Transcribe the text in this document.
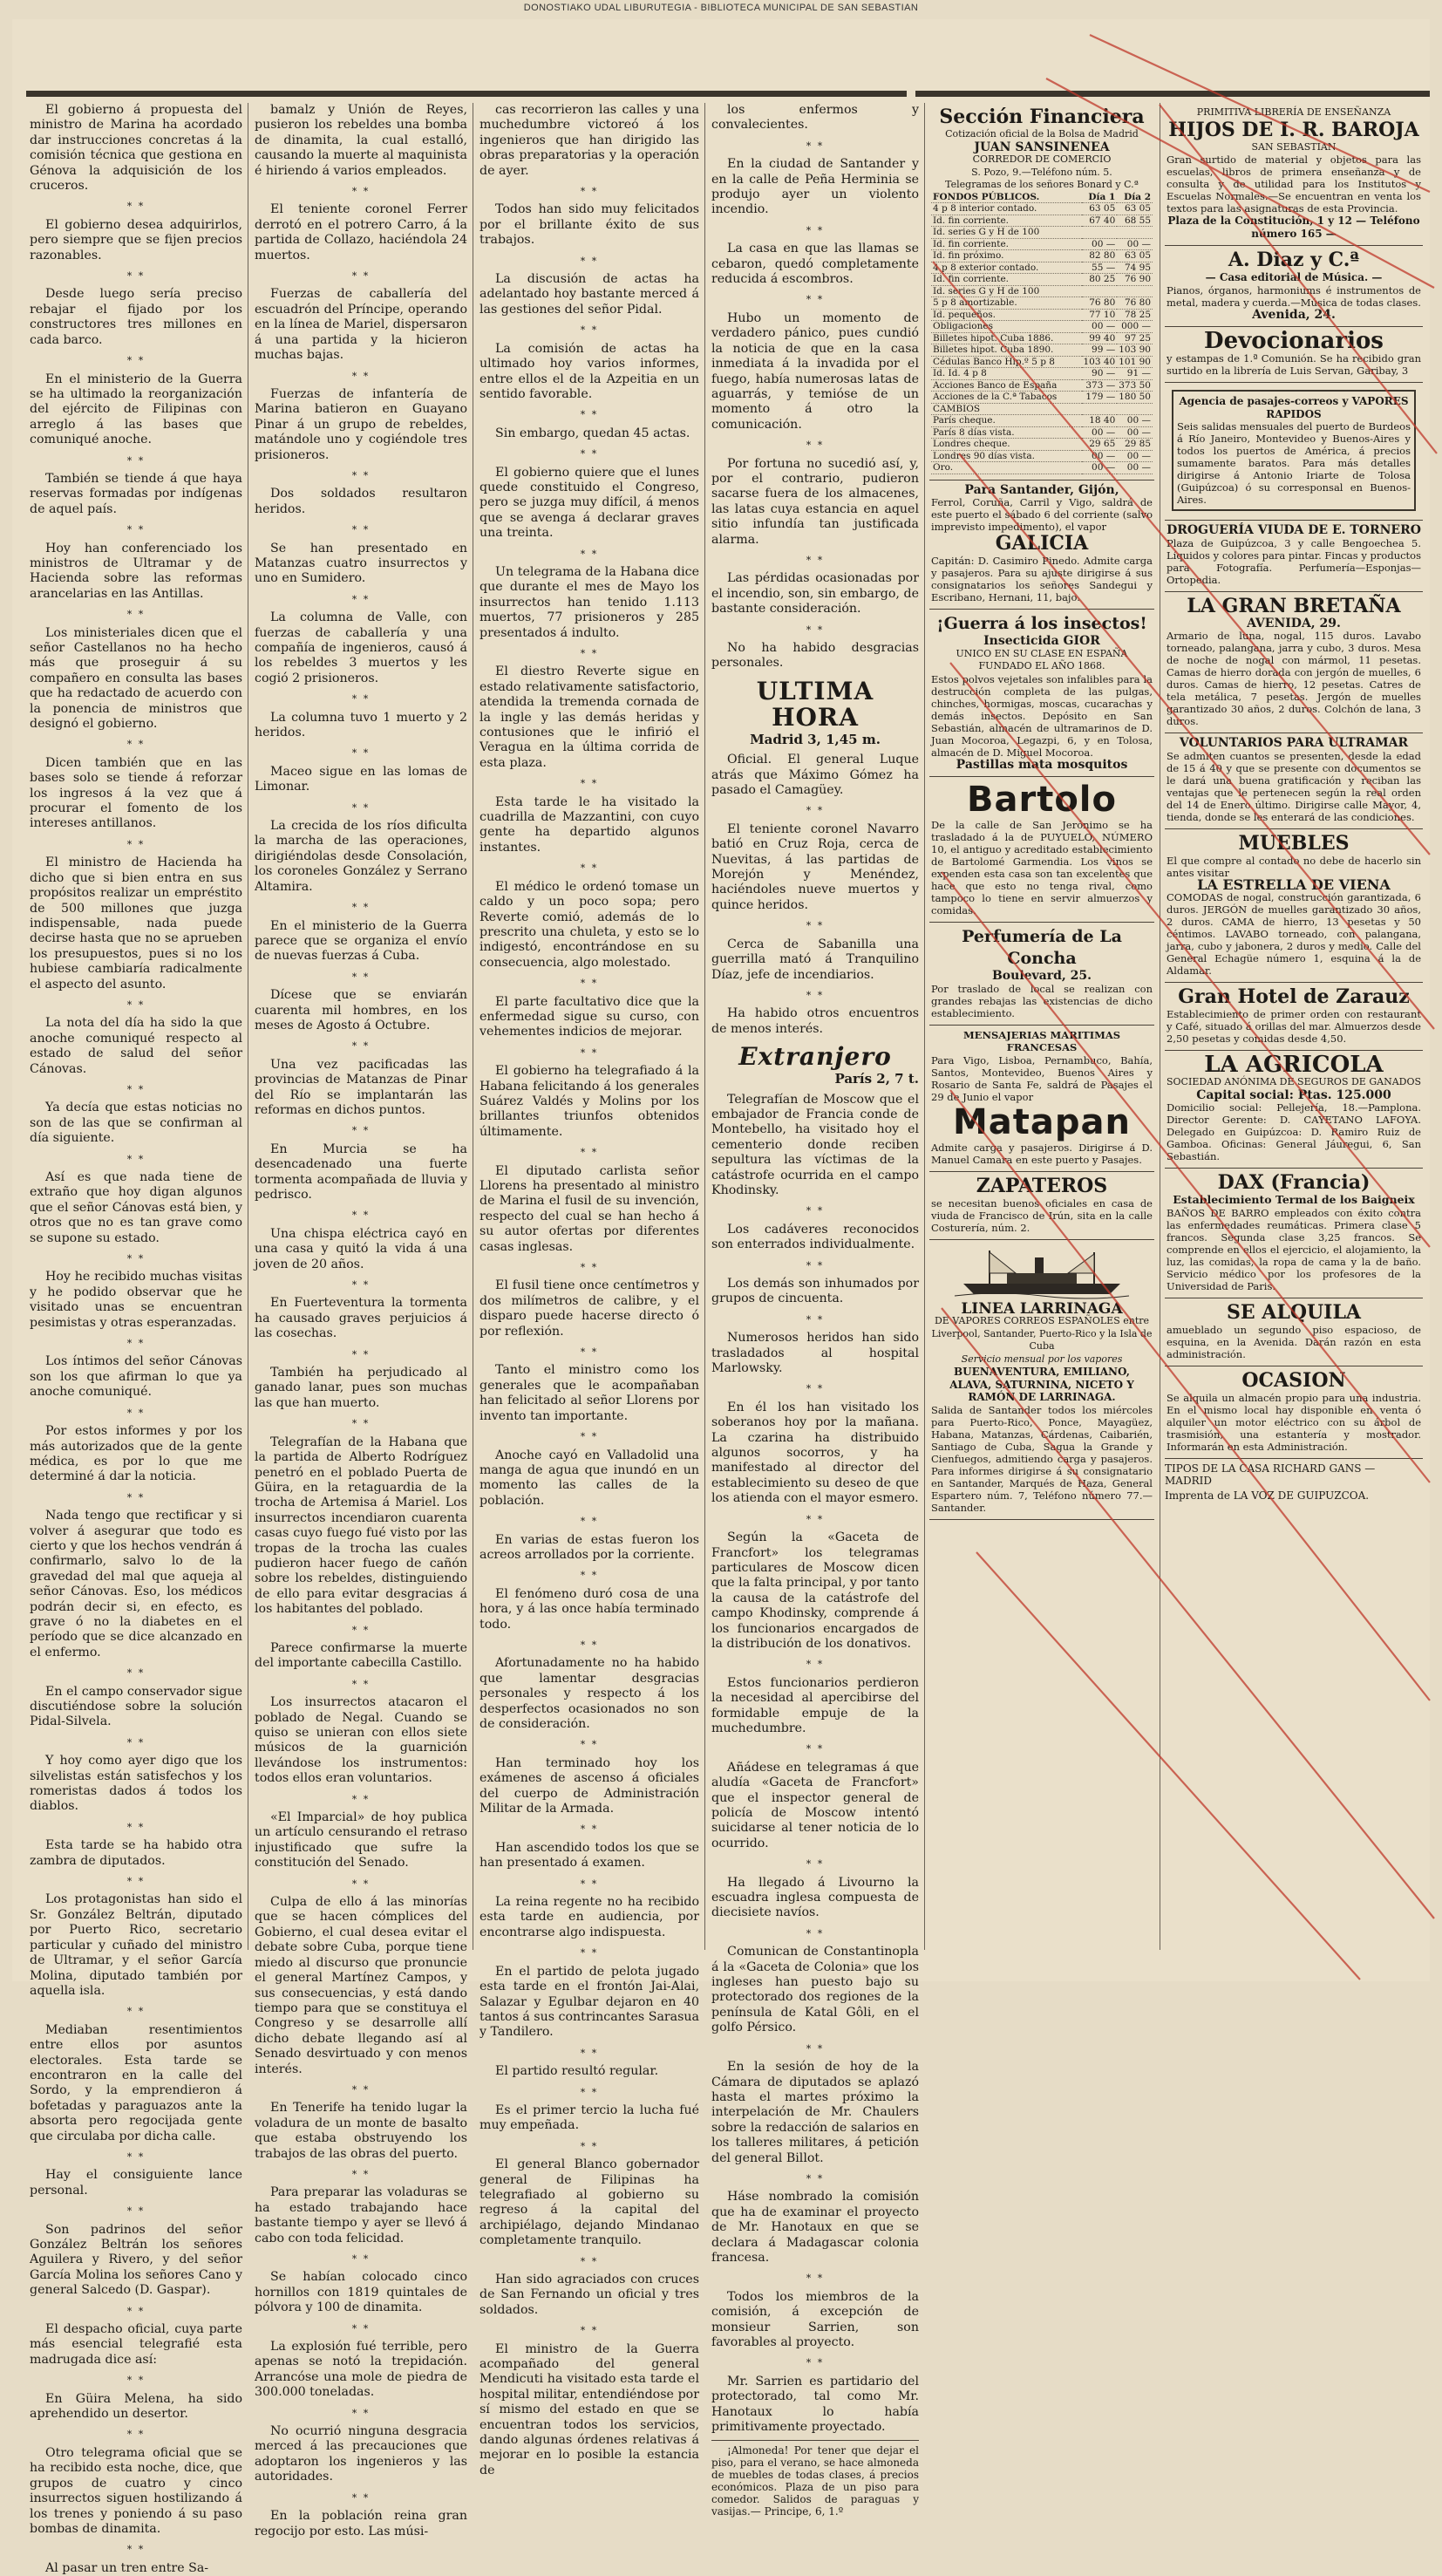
DONOSTIAKO UDAL LIBURUTEGIA - BIBLIOTECA MUNICIPAL DE SAN SEBASTIAN

El gobierno á propuesta del ministro de Marina ha acordado dar instrucciones concretas á la comisión técnica que gestiona en Génova la adquisición de los cruceros.

* *

El gobierno desea adquirirlos, pero siempre que se fijen precios razonables.

* *

Desde luego sería preciso rebajar el fijado por los constructores tres millones en cada barco.

* *

En el ministerio de la Guerra se ha ultimado la reorganización del ejército de Filipinas con arreglo á las bases que comuniqué anoche.

* *

También se tiende á que haya reservas formadas por indígenas de aquel país.

* *

Hoy han conferenciado los ministros de Ultramar y de Hacienda sobre las reformas arancelarias en las Antillas.

* *

Los ministeriales dicen que el señor Castellanos no ha hecho más que proseguir á su compañero en consulta las bases que ha redactado de acuerdo con la ponencia de ministros que designó el gobierno.

* *

Dicen también que en las bases solo se tiende á reforzar los ingresos á la vez que á procurar el fomento de los intereses antillanos.

* *

El ministro de Hacienda ha dicho que si bien entra en sus propósitos realizar un empréstito de 500 millones que juzga indispensable, nada puede decirse hasta que no se aprueben los presupuestos, pues si no los hubiese cambiaría radicalmente el aspecto del asunto.

* *

La nota del día ha sido la que anoche comuniqué respecto al estado de salud del señor Cánovas.

* *

Ya decía que estas noticias no son de las que se confirman al día siguiente.

* *

Así es que nada tiene de extraño que hoy digan algunos que el señor Cánovas está bien, y otros que no es tan grave como se supone su estado.

* *

Hoy he recibido muchas visitas y he podido observar que he visitado unas se encuentran pesimistas y otras esperanzadas.

* *

Los íntimos del señor Cánovas son los que afirman lo que ya anoche comuniqué.

* *

Por estos informes y por los más autorizados que de la gente médica, es por lo que me determiné á dar la noticia.

* *

Nada tengo que rectificar y si volver á asegurar que todo es cierto y que los hechos vendrán á confirmarlo, salvo lo de la gravedad del mal que aqueja al señor Cánovas. Eso, los médicos podrán decir si, en efecto, es grave ó no la diabetes en el período que se dice alcanzado en el enfermo.

* *

En el campo conservador sigue discutiéndose sobre la solución Pidal-Silvela.

* *

Y hoy como ayer digo que los silvelistas están satisfechos y los romeristas dados á todos los diablos.

* *

Esta tarde se ha habido otra zambra de diputados.

* *

Los protagonistas han sido el Sr. González Beltrán, diputado por Puerto Rico, secretario particular y cuñado del ministro de Ultramar, y el señor García Molina, diputado también por aquella isla.

* *

Mediaban resentimientos entre ellos por asuntos electorales. Esta tarde se encontraron en la calle del Sordo, y la emprendieron á bofetadas y paraguazos ante la absorta pero regocijada gente que circulaba por dicha calle.

* *

Hay el consiguiente lance personal.

* *

Son padrinos del señor González Beltrán los señores Aguilera y Rivero, y del señor García Molina los señores Cano y general Salcedo (D. Gaspar).

* *

El despacho oficial, cuya parte más esencial telegrafié esta madrugada dice así:

* *

En Güira Melena, ha sido aprehendido un desertor.

* *

Otro telegrama oficial que se ha recibido esta noche, dice, que grupos de cuatro y cinco insurrectos siguen hostilizando á los trenes y poniendo á su paso bombas de dinamita.

* *

Al pasar un tren entre Sa-

bamalz y Unión de Reyes, pusieron los rebeldes una bomba de dinamita, la cual estalló, causando la muerte al maquinista é hiriendo á varios empleados.

* *

El teniente coronel Ferrer derrotó en el potrero Carro, á la partida de Collazo, haciéndola 24 muertos.

* *

Fuerzas de caballería del escuadrón del Príncipe, operando en la línea de Mariel, dispersaron á una partida y la hicieron muchas bajas.

* *

Fuerzas de infantería de Marina batieron en Guayano Pinar á un grupo de rebeldes, matándole uno y cogiéndole tres prisioneros.

* *

Dos soldados resultaron heridos.

* *

Se han presentado en Matanzas cuatro insurrectos y uno en Sumidero.

* *

La columna de Valle, con fuerzas de caballería y una compañía de ingenieros, causó á los rebeldes 3 muertos y les cogió 2 prisioneros.

* *

La columna tuvo 1 muerto y 2 heridos.

* *

Maceo sigue en las lomas de Limonar.

* *

La crecida de los ríos dificulta la marcha de las operaciones, dirigiéndolas desde Consolación, los coroneles González y Serrano Altamira.

* *

En el ministerio de la Guerra parece que se organiza el envío de nuevas fuerzas á Cuba.

* *

Dícese que se enviarán cuarenta mil hombres, en los meses de Agosto á Octubre.

* *

Una vez pacificadas las provincias de Matanzas de Pinar del Río se implantarán las reformas en dichos puntos.

* *

En Murcia se ha desencadenado una fuerte tormenta acompañada de lluvia y pedrisco.

* *

Una chispa eléctrica cayó en una casa y quitó la vida á una joven de 20 años.

* *

En Fuerteventura la tormenta ha causado graves perjuicios á las cosechas.

* *

También ha perjudicado al ganado lanar, pues son muchas las que han muerto.

* *

Telegrafían de la Habana que la partida de Alberto Rodríguez penetró en el poblado Puerta de Güira, en la retaguardia de la trocha de Artemisa á Mariel. Los insurrectos incendiaron cuarenta casas cuyo fuego fué visto por las tropas de la trocha las cuales pudieron hacer fuego de cañón sobre los rebeldes, distinguiendo de ello para evitar desgracias á los habitantes del poblado.

* *

Parece confirmarse la muerte del importante cabecilla Castillo.

* *

Los insurrectos atacaron el poblado de Negal. Cuando se quiso se unieran con ellos siete músicos de la guarnición llevándose los instrumentos: todos ellos eran voluntarios.

* *

«El Imparcial» de hoy publica un artículo censurando el retraso injustificado que sufre la constitución del Senado.

* *

Culpa de ello á las minorías que se hacen cómplices del Gobierno, el cual desea evitar el debate sobre Cuba, porque tiene miedo al discurso que pronuncie el general Martínez Campos, y sus consecuencias, y está dando tiempo para que se constituya el Congreso y se desarrolle allí dicho debate llegando así al Senado desvirtuado y con menos interés.

* *

En Tenerife ha tenido lugar la voladura de un monte de basalto que estaba obstruyendo los trabajos de las obras del puerto.

* *

Para preparar las voladuras se ha estado trabajando hace bastante tiempo y ayer se llevó á cabo con toda felicidad.

* *

Se habían colocado cinco hornillos con 1819 quintales de pólvora y 100 de dinamita.

* *

La explosión fué terrible, pero apenas se notó la trepidación. Arrancóse una mole de piedra de 300.000 toneladas.

* *

No ocurrió ninguna desgracia merced á las precauciones que adoptaron los ingenieros y las autoridades.

* *

En la población reina gran regocijo por esto. Las músi-

cas recorrieron las calles y una muchedumbre victoreó á los ingenieros que han dirigido las obras preparatorias y la operación de ayer.

* *

Todos han sido muy felicitados por el brillante éxito de sus trabajos.

* *

La discusión de actas ha adelantado hoy bastante merced á las gestiones del señor Pidal.

* *

La comisión de actas ha ultimado hoy varios informes, entre ellos el de la Azpeitia en un sentido favorable.

* *

Sin embargo, quedan 45 actas.

* *

El gobierno quiere que el lunes quede constituido el Congreso, pero se juzga muy difícil, á menos que se avenga á declarar graves una treinta.

* *

Un telegrama de la Habana dice que durante el mes de Mayo los insurrectos han tenido 1.113 muertos, 77 prisioneros y 285 presentados á indulto.

* *

El diestro Reverte sigue en estado relativamente satisfactorio, atendida la tremenda cornada de la ingle y las demás heridas y contusiones que le infirió el Veragua en la última corrida de esta plaza.

* *

Esta tarde le ha visitado la cuadrilla de Mazzantini, con cuyo gente ha departido algunos instantes.

* *

El médico le ordenó tomase un caldo y un poco sopa; pero Reverte comió, además de lo prescrito una chuleta, y esto se lo indigestó, encontrándose en su consecuencia, algo molestado.

* *

El parte facultativo dice que la enfermedad sigue su curso, con vehementes indicios de mejorar.

* *

El gobierno ha telegrafiado á la Habana felicitando á los generales Suárez Valdés y Molins por los brillantes triunfos obtenidos últimamente.

* *

El diputado carlista señor Llorens ha presentado al ministro de Marina el fusil de su invención, respecto del cual se han hecho á su autor ofertas por diferentes casas inglesas.

* *

El fusil tiene once centímetros y dos milímetros de calibre, y el disparo puede hacerse directo ó por reflexión.

* *

Tanto el ministro como los generales que le acompañaban han felicitado al señor Llorens por invento tan importante.

* *

Anoche cayó en Valladolid una manga de agua que inundó en un momento las calles de la población.

* *

En varias de estas fueron los acreos arrollados por la corriente.

* *

El fenómeno duró cosa de una hora, y á las once había terminado todo.

* *

Afortunadamente no ha habido que lamentar desgracias personales y respecto á los desperfectos ocasionados no son de consideración.

* *

Han terminado hoy los exámenes de ascenso á oficiales del cuerpo de Administración Militar de la Armada.

* *

Han ascendido todos los que se han presentado á examen.

* *

La reina regente no ha recibido esta tarde en audiencia, por encontrarse algo indispuesta.

* *

En el partido de pelota jugado esta tarde en el frontón Jai-Alai, Salazar y Egulbar dejaron en 40 tantos á sus contrincantes Sarasua y Tandilero.

* *

El partido resultó regular.

* *

Es el primer tercio la lucha fué muy empeñada.

* *

El general Blanco gobernador general de Filipinas ha telegrafiado al gobierno su regreso á la capital del archipiélago, dejando Mindanao completamente tranquilo.

* *

Han sido agraciados con cruces de San Fernando un oficial y tres soldados.

* *

El ministro de la Guerra acompañado del general Mendicuti ha visitado esta tarde el hospital militar, entendiéndose por sí mismo del estado en que se encuentran todos los servicios, dando algunas órdenes relativas á mejorar en lo posible la estancia de

los enfermos y convalecientes.

* *

En la ciudad de Santander y en la calle de Peña Herminia se produjo ayer un violento incendio.

* *

La casa en que las llamas se cebaron, quedó completamente reducida á escombros.

* *

Hubo un momento de verdadero pánico, pues cundió la noticia de que en la casa inmediata á la invadida por el fuego, había numerosas latas de aguarrás, y temióse de un momento á otro la comunicación.

* *

Por fortuna no sucedió así, y, por el contrario, pudieron sacarse fuera de los almacenes, las latas cuya estancia en aquel sitio infundía tan justificada alarma.

* *

Las pérdidas ocasionadas por el incendio, son, sin embargo, de bastante consideración.

* *

No ha habido desgracias personales.

ULTIMA HORA
Madrid 3, 1,45 m.

Oficial. El general Luque atrás que Máximo Gómez ha pasado el Camagüey.

* *

El teniente coronel Navarro batió en Cruz Roja, cerca de Nuevitas, á las partidas de Morejón y Menéndez, haciéndoles nueve muertos y quince heridos.

* *

Cerca de Sabanilla una guerrilla mató á Tranquilino Díaz, jefe de incendiarios.

* *

Ha habido otros encuentros de menos interés.

Extranjero
París 2, 7 t.

Telegrafían de Moscow que el embajador de Francia conde de Montebello, ha visitado hoy el cementerio donde reciben sepultura las víctimas de la catástrofe ocurrida en el campo Khodinsky.

* *

Los cadáveres reconocidos son enterrados individualmente.

* *

Los demás son inhumados por grupos de cincuenta.

* *

Numerosos heridos han sido trasladados al hospital Marlowsky.

* *

En él los han visitado los soberanos hoy por la mañana. La czarina ha distribuido algunos socorros, y ha manifestado al director del establecimiento su deseo de que los atienda con el mayor esmero.

* *

Según la «Gaceta de Francfort» los telegramas particulares de Moscow dicen que la falta principal, y por tanto la causa de la catástrofe del campo Khodinsky, comprende á los funcionarios encargados de la distribución de los donativos.

* *

Estos funcionarios perdieron la necesidad al apercibirse del formidable empuje de la muchedumbre.

* *

Añádese en telegramas á que aludía «Gaceta de Francfort» que el inspector general de policía de Moscow intentó suicidarse al tener noticia de lo ocurrido.

* *

Ha llegado á Livourno la escuadra inglesa compuesta de diecisiete navíos.

* *

Comunican de Constantinopla á la «Gaceta de Colonia» que los ingleses han puesto bajo su protectorado dos regiones de la península de Katal Gôli, en el golfo Pérsico.

* *

En la sesión de hoy de la Cámara de diputados se aplazó hasta el martes próximo la interpelación de Mr. Chaulers sobre la redacción de salarios en los talleres militares, á petición del general Billot.

* *

Háse nombrado la comisión que ha de examinar el proyecto de Mr. Hanotaux en que se declara á Madagascar colonia francesa.

* *

Todos los miembros de la comisión, á excepción de monsieur Sarrien, son favorables al proyecto.

* *

Mr. Sarrien es partidario del protectorado, tal como Mr. Hanotaux lo había primitivamente proyectado.

¡Almoneda! Por tener que dejar el piso, para el verano, se hace almoneda de muebles de todas clases, á precios económicos. Plaza de un piso para comedor. Salidos de paraguas y vasijas.— Principe, 6, 1.º

Sección Financiera
Cotización oficial de la Bolsa de Madrid
JUAN SANSINENEA
CORREDOR DE COMERCIO
S. Pozo, 9.—Teléfono núm. 5.
Telegramas de los señores Bonard y C.ª
FONDOS PÚBLICOS.	Día 1	Día 2
4 p 8 interior contado.	63 05	63 05
Id. fin corriente.	67 40	68 55
Id. series G y H de 100		
Id. fin corriente.	00 —	00 —
Id. fin próximo.	82 80	63 05
4 p 8 exterior contado.	55 —	74 95
Id. fin corriente.	80 25	76 90
Id. series G y H de 100		
5 p 8 amortizable.	76 80	76 80
Id. pequeños.	77 10	78 25
Obligaciones	00 —	000 —
Billetes hipot. Cuba 1886.	99 40	97 25
Billetes hipot. Cuba 1890.	99 —	103 90
Cédulas Banco Hip.º 5 p 8	103 40	101 90
Id. Id. 4 p 8	90 —	91 —
Acciones Banco de España	373 —	373 50
Acciones de la C.ª Tabacos	179 —	180 50
CAMBIOS		
París cheque.	18 40	00 —
París 8 días vista.	00 —	00 —
Londres cheque.	29 65	29 85
Londres 90 días vista.	00 —	00 —
Oro.	00 —	00 —
Para Santander, Gijón,
Ferrol, Coruña, Carril y Vigo, saldrá de este puerto el sábado 6 del corriente (salvo imprevisto impedimento), el vapor
GALICIA
Capitán: D. Casimiro Pinedo. Admite carga y pasajeros. Para su ajuste dirigirse á sus consignatarios los señores Sandegui y Escribano, Hernani, 11, bajo.
¡Guerra á los insectos!
Insecticida GIOR
UNICO EN SU CLASE EN ESPAÑA
FUNDADO EL AÑO 1868.
Estos polvos vejetales son infalibles para la destrucción completa de las pulgas, chinches, hormigas, moscas, cucarachas y demás insectos. Depósito en San Sebastián, almacén de ultramarinos de D. Juan Mocoroa, Legazpi, 6, y en Tolosa, almacén de D. Miguel Mocoroa.
Pastillas mata mosquitos
Bartolo
De la calle de San Jerónimo se ha trasladado á la de PUYUELO, NÚMERO 10, el antiguo y acreditado establecimiento de Bartolomé Garmendia. Los vinos se expenden esta casa son tan excelentes que hace que esto no tenga rival, como tampoco lo tiene en servir almuerzos y comidas.
Perfumería de La Concha
Boulevard, 25.
Por traslado de local se realizan con grandes rebajas las existencias de dicho establecimiento.
MENSAJERIAS MARITIMAS FRANCESAS
Para Vigo, Lisboa, Pernambuco, Bahía, Santos, Montevideo, Buenos Aires y Rosario de Santa Fe, saldrá de Pasajes el 29 de Junio el vapor
Matapan
Admite carga y pasajeros. Dirigirse á D. Manuel Camara en este puerto y Pasajes.
ZAPATEROS
se necesitan buenos oficiales en casa de viuda de Francisco de Irún, sita en la calle Costurería, núm. 2.
LINEA LARRINAGA
DE VAPORES CORREOS ESPAÑOLES entre Liverpool, Santander, Puerto-Rico y la Isla de Cuba
Servicio mensual por los vapores
BUENAVENTURA, EMILIANO, ALAVA, SATURNINA, NICETO Y RAMÓN DE LARRINAGA.
Salida de Santander todos los miércoles para Puerto-Rico, Ponce, Mayagüez, Habana, Matanzas, Cárdenas, Caibarién, Santiago de Cuba, Sagua la Grande y Cienfuegos, admitiendo carga y pasajeros. Para informes dirigirse á su consignatario en Santander, Marqués de Haza, General Espartero núm. 7, Teléfono número 77.—Santander.
PRIMITIVA LIBRERÍA DE ENSEÑANZA
HIJOS DE I. R. BAROJA
SAN SEBASTIAN
Gran surtido de material y objetos para las escuelas, libros de primera enseñanza y de consulta y de utilidad para los Institutos y Escuelas Normales.—Se encuentran en venta los textos para las asignaturas de esta Provincia.
Plaza de la Constitución, 1 y 12 — Teléfono número 165 —
A. Diaz y C.ª
— Casa editorial de Música. —
Pianos, órganos, harmoniums é instrumentos de metal, madera y cuerda.—Música de todas clases.
Avenida, 24.
Devocionarios
y estampas de 1.ª Comunión. Se ha recibido gran surtido en la librería de Luis Servan, Garibay, 3
Agencia de pasajes-correos y VAPORES RAPIDOS
Seis salidas mensuales del puerto de Burdeos á Río Janeiro, Montevideo y Buenos-Aires y todos los puertos de América, á precios sumamente baratos. Para más detalles dirigirse á Antonio Iriarte de Tolosa (Guipúzcoa) ó su corresponsal en Buenos-Aires.
DROGUERÍA VIUDA DE E. TORNERO
Plaza de Guipúzcoa, 3 y calle Bengoechea 5. Líquidos y colores para pintar. Fincas y productos para Fotografía. Perfumería—Esponjas—Ortopedia.
LA GRAN BRETAÑA
AVENIDA, 29.
Armario de luna, nogal, 115 duros. Lavabo torneado, palangana, jarra y cubo, 3 duros. Mesa de noche de nogal con mármol, 11 pesetas. Camas de hierro dorada con jergón de muelles, 6 duros. Camas de hierro, 12 pesetas. Catres de tela metálica, 7 pesetas. Jergón de muelles garantizado 30 años, 2 duros. Colchón de lana, 3 duros.
VOLUNTARIOS PARA ULTRAMAR
Se admiten cuantos se presenten, desde la edad de 15 á 40 y que se presente con documentos se le dará una buena gratificación y reciban las ventajas que le pertenecen según la real orden del 14 de Enero último. Dirigirse calle Mayor, 4, tienda, donde se les enterará de las condiciones.
MUEBLES
El que compre al contado no debe de hacerlo sin antes visitar
LA ESTRELLA DE VIENA
COMODAS de nogal, construcción garantizada, 6 duros. JERGÓN de muelles garantizado 30 años, 2 duros. CAMA de hierro, 13 pesetas y 50 céntimos. LAVABO torneado, con palangana, jarra, cubo y jabonera, 2 duros y medio. Calle del General Echagüe número 1, esquina á la de Aldamar.
Gran Hotel de Zarauz
Establecimiento de primer orden con restaurant y Café, situado á orillas del mar. Almuerzos desde 2,50 pesetas y comidas desde 4,50.
LA AGRICOLA
SOCIEDAD ANÓNIMA DE SEGUROS DE GANADOS
Capital social: Ptas. 125.000
Domicilio social: Pellejería, 18.—Pamplona. Director Gerente: D. CAYETANO LAFOYA. Delegado en Guipúzcoa: D. Ramiro Ruiz de Gamboa. Oficinas: General Jáuregui, 6, San Sebastián.
DAX (Francia)
Establecimiento Termal de los Baigneix
BAÑOS DE BARRO empleados con éxito contra las enfermedades reumáticas. Primera clase 5 francos. Segunda clase 3,25 francos. Se comprende en ellos el ejercicio, el alojamiento, la luz, las comidas, la ropa de cama y la de baño. Servicio médico por los profesores de la Universidad de Paris.
SE ALQUILA
amueblado un segundo piso espacioso, de esquina, en la Avenida. Darán razón en esta administración.
OCASION
Se alquila un almacén propio para una industria. En el mismo local hay disponible en venta ó alquiler un motor eléctrico con su árbol de trasmisión, una estantería y mostrador. Informarán en esta Administración.
TIPOS DE LA CASA RICHARD GANS — MADRID
Imprenta de LA VOZ DE GUIPUZCOA.
